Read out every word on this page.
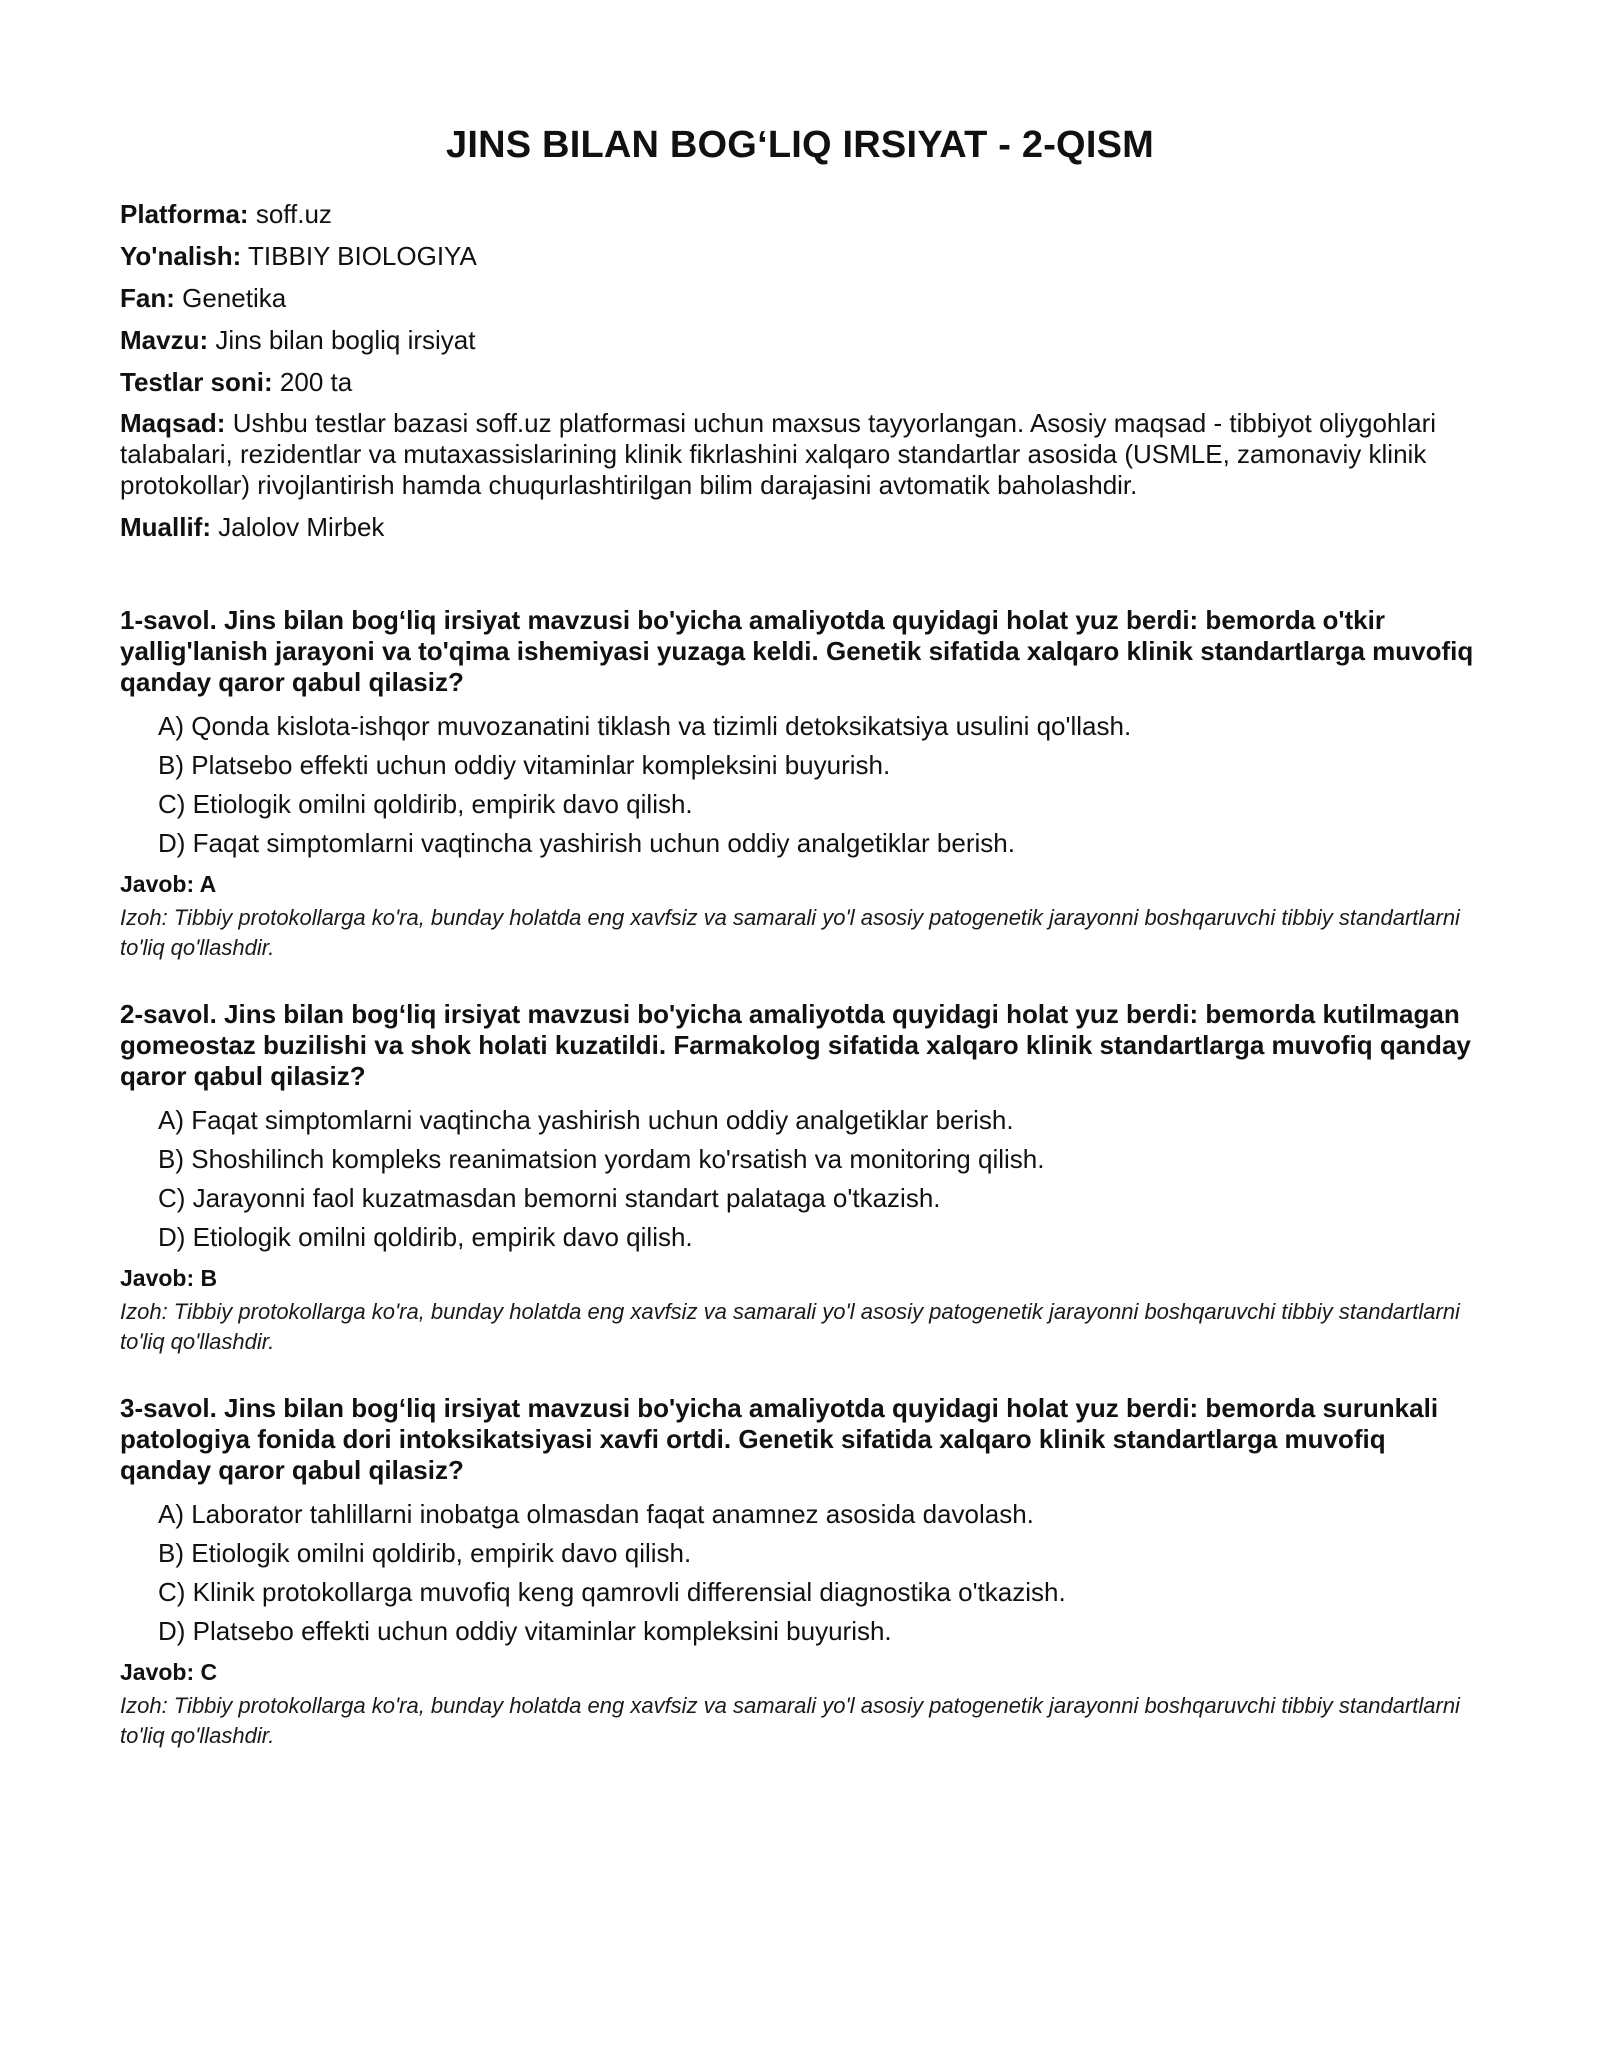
JINS BILAN BOG‘LIQ IRSIYAT - 2-QISM
Platforma: soff.uz
Yo'nalish: TIBBIY BIOLOGIYA
Fan: Genetika
Mavzu: Jins bilan bogliq irsiyat
Testlar soni: 200 ta
Maqsad: Ushbu testlar bazasi soff.uz platformasi uchun maxsus tayyorlangan. Asosiy maqsad - tibbiyot oliygohlari talabalari, rezidentlar va mutaxassislarining klinik fikrlashini xalqaro standartlar asosida (USMLE, zamonaviy klinik protokollar) rivojlantirish hamda chuqurlashtirilgan bilim darajasini avtomatik baholashdir.
Muallif: Jalolov Mirbek

1-savol. Jins bilan bog‘liq irsiyat mavzusi bo'yicha amaliyotda quyidagi holat yuz berdi: bemorda o'tkir yallig'lanish jarayoni va to'qima ishemiyasi yuzaga keldi. Genetik sifatida xalqaro klinik standartlarga muvofiq qanday qaror qabul qilasiz?

A) Qonda kislota-ishqor muvozanatini tiklash va tizimli detoksikatsiya usulini qo'llash.
B) Platsebo effekti uchun oddiy vitaminlar kompleksini buyurish.
C) Etiologik omilni qoldirib, empirik davo qilish.
D) Faqat simptomlarni vaqtincha yashirish uchun oddiy analgetiklar berish.
Javob: A
Izoh: Tibbiy protokollarga ko'ra, bunday holatda eng xavfsiz va samarali yo'l asosiy patogenetik jarayonni boshqaruvchi tibbiy standartlarni to'liq qo'llashdir.

2-savol. Jins bilan bog‘liq irsiyat mavzusi bo'yicha amaliyotda quyidagi holat yuz berdi: bemorda kutilmagan gomeostaz buzilishi va shok holati kuzatildi. Farmakolog sifatida xalqaro klinik standartlarga muvofiq qanday qaror qabul qilasiz?

A) Faqat simptomlarni vaqtincha yashirish uchun oddiy analgetiklar berish.
B) Shoshilinch kompleks reanimatsion yordam ko'rsatish va monitoring qilish.
C) Jarayonni faol kuzatmasdan bemorni standart palataga o'tkazish.
D) Etiologik omilni qoldirib, empirik davo qilish.
Javob: B
Izoh: Tibbiy protokollarga ko'ra, bunday holatda eng xavfsiz va samarali yo'l asosiy patogenetik jarayonni boshqaruvchi tibbiy standartlarni to'liq qo'llashdir.

3-savol. Jins bilan bog‘liq irsiyat mavzusi bo'yicha amaliyotda quyidagi holat yuz berdi: bemorda surunkali patologiya fonida dori intoksikatsiyasi xavfi ortdi. Genetik sifatida xalqaro klinik standartlarga muvofiq qanday qaror qabul qilasiz?

A) Laborator tahlillarni inobatga olmasdan faqat anamnez asosida davolash.
B) Etiologik omilni qoldirib, empirik davo qilish.
C) Klinik protokollarga muvofiq keng qamrovli differensial diagnostika o'tkazish.
D) Platsebo effekti uchun oddiy vitaminlar kompleksini buyurish.
Javob: C
Izoh: Tibbiy protokollarga ko'ra, bunday holatda eng xavfsiz va samarali yo'l asosiy patogenetik jarayonni boshqaruvchi tibbiy standartlarni to'liq qo'llashdir.
